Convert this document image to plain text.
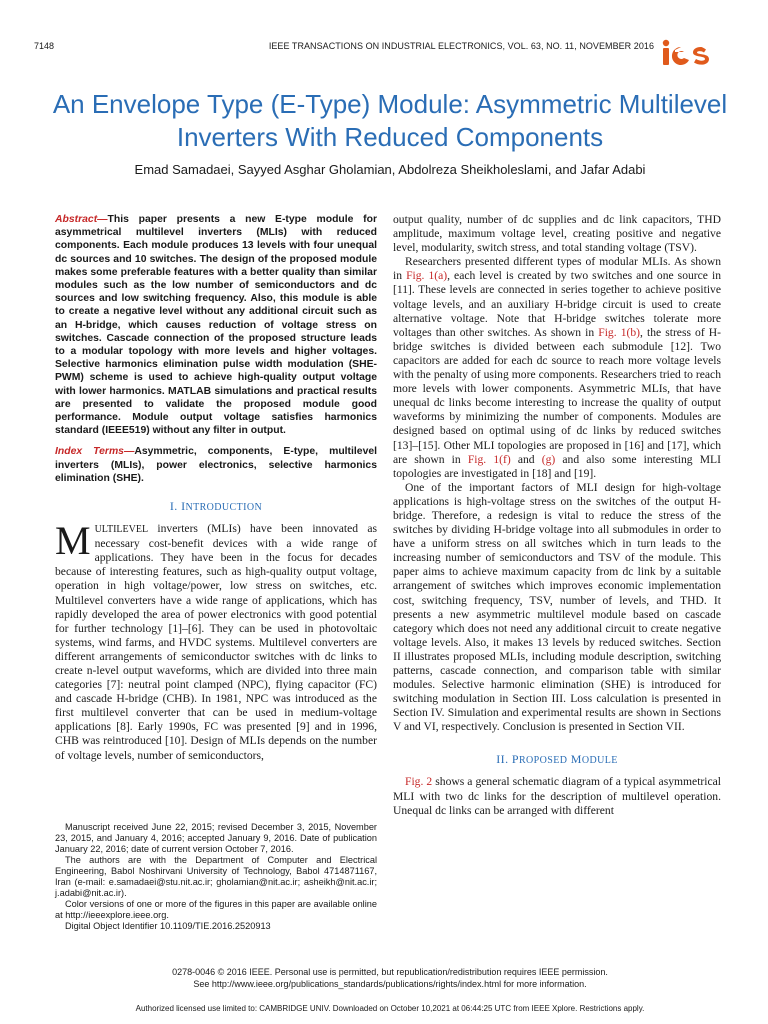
7148	IEEE TRANSACTIONS ON INDUSTRIAL ELECTRONICS, VOL. 63, NO. 11, NOVEMBER 2016
An Envelope Type (E-Type) Module: Asymmetric Multilevel Inverters With Reduced Components
Emad Samadaei, Sayyed Asghar Gholamian, Abdolreza Sheikholeslami, and Jafar Adabi

Abstract—This paper presents a new E-type module for asymmetrical multilevel inverters (MLIs) with reduced components. Each module produces 13 levels with four unequal dc sources and 10 switches. The design of the proposed module makes some preferable features with a better quality than similar modules such as the low number of semiconductors and dc sources and low switching frequency. Also, this module is able to create a negative level without any additional circuit such as an H-bridge, which causes reduction of voltage stress on switches. Cascade connection of the proposed structure leads to a modular topology with more levels and higher voltages. Selective harmonics elimination pulse width modulation (SHE-PWM) scheme is used to achieve high-quality output voltage with lower harmonics. MATLAB simulations and practical results are presented to validate the proposed module good performance. Module output voltage satisfies harmonics standard (IEEE519) without any filter in output.

Index Terms—Asymmetric, components, E-type, multilevel inverters (MLIs), power electronics, selective harmonics elimination (SHE).

I. INTRODUCTION

MULTILEVEL inverters (MLIs) have been innovated as necessary cost-benefit devices with a wide range of applications. They have been in the focus for decades because of interesting features, such as high-quality output voltage, operation in high voltage/power, low stress on switches, etc. Multilevel converters have a wide range of applications, which has rapidly developed the area of power electronics with good potential for further technology [1]–[6]. They can be used in photovoltaic systems, wind farms, and HVDC systems. Multilevel converters are different arrangements of semiconductor switches with dc links to create n-level output waveforms, which are divided into three main categories [7]: neutral point clamped (NPC), flying capacitor (FC) and cascade H-bridge (CHB). In 1981, NPC was introduced as the first multilevel converter that can be used in medium-voltage applications [8]. Early 1990s, FC was presented [9] and in 1996, CHB was reintroduced [10]. Design of MLIs depends on the number of voltage levels, number of semiconductors,

Manuscript received June 22, 2015; revised December 3, 2015, November 23, 2015, and January 4, 2016; accepted January 9, 2016. Date of publication January 22, 2016; date of current version October 7, 2016.

The authors are with the Department of Computer and Electrical Engineering, Babol Noshirvani University of Technology, Babol 4714871167, Iran (e-mail: e.samadaei@stu.nit.ac.ir; gholamian@nit.ac.ir; asheikh@nit.ac.ir; j.adabi@nit.ac.ir).

Color versions of one or more of the figures in this paper are available online at http://ieeexplore.ieee.org.

Digital Object Identifier 10.1109/TIE.2016.2520913

output quality, number of dc supplies and dc link capacitors, THD amplitude, maximum voltage level, creating positive and negative level, modularity, switch stress, and total standing voltage (TSV).

Researchers presented different types of modular MLIs. As shown in Fig. 1(a), each level is created by two switches and one source in [11]. These levels are connected in series together to achieve positive voltage levels, and an auxiliary H-bridge circuit is used to create alternative voltage. Note that H-bridge switches tolerate more voltages than other switches. As shown in Fig. 1(b), the stress of H-bridge switches is divided between each submodule [12]. Two capacitors are added for each dc source to reach more voltage levels with the penalty of using more components. Researchers tried to reach more levels with lower components. Asymmetric MLIs, that have unequal dc links become interesting to increase the quality of output waveforms by minimizing the number of components. Modules are designed based on optimal using of dc links by reduced switches [13]–[15]. Other MLI topologies are proposed in [16] and [17], which are shown in Fig. 1(f) and (g) and also some interesting MLI topologies are investigated in [18] and [19].

One of the important factors of MLI design for high-voltage applications is high-voltage stress on the switches of the output H-bridge. Therefore, a redesign is vital to reduce the stress of the switches by dividing H-bridge voltage into all submodules in order to have a uniform stress on all switches which in turn leads to the increasing number of semiconductors and TSV of the module. This paper aims to achieve maximum capacity from dc link by a suitable arrangement of switches which improves economic implementation cost, switching frequency, TSV, number of levels, and THD. It presents a new asymmetric multilevel module based on cascade category which does not need any additional circuit to create negative voltage levels. Also, it makes 13 levels by reduced switches. Section II illustrates proposed MLIs, including module description, switching patterns, cascade connection, and comparison table with similar modules. Selective harmonic elimination (SHE) is introduced for switching modulation in Section III. Loss calculation is presented in Section IV. Simulation and experimental results are shown in Sections V and VI, respectively. Conclusion is presented in Section VII.

II. PROPOSED MODULE

Fig. 2 shows a general schematic diagram of a typical asymmetrical MLI with two dc links for the description of multilevel operation. Unequal dc links can be arranged with different

0278-0046 © 2016 IEEE. Personal use is permitted, but republication/redistribution requires IEEE permission.
See http://www.ieee.org/publications_standards/publications/rights/index.html for more information.
Authorized licensed use limited to: CAMBRIDGE UNIV. Downloaded on October 10,2021 at 06:44:25 UTC from IEEE Xplore. Restrictions apply.
